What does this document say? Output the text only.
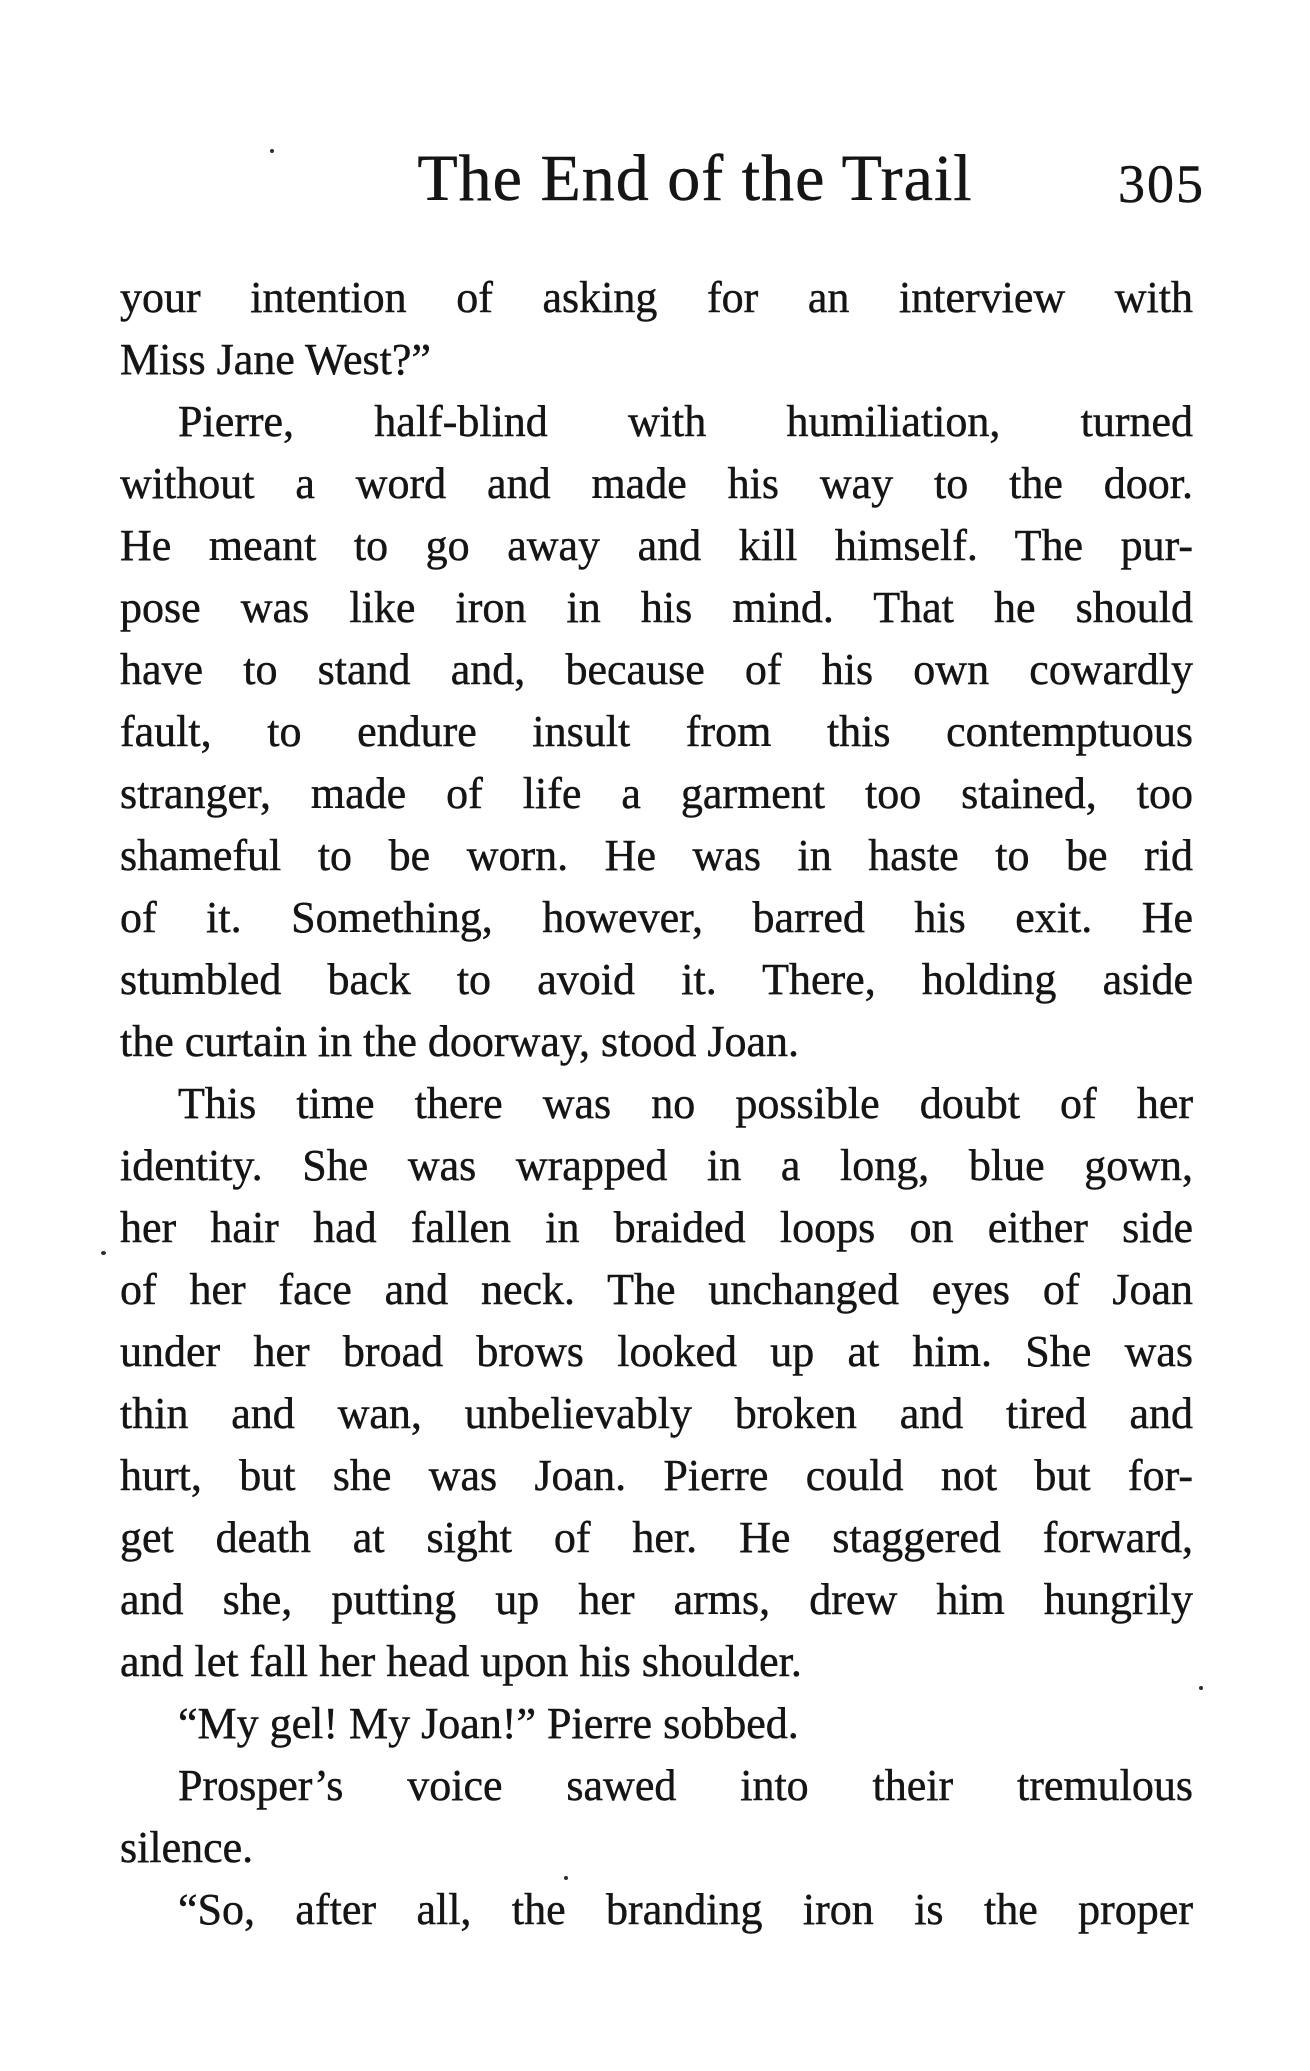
The End of the Trail	305
your intention of asking for an interview with
Miss Jane West?”
Pierre, half-blind with humiliation, turned
without a word and made his way to the door.
He meant to go away and kill himself. The pur-
pose was like iron in his mind. That he should
have to stand and, because of his own cowardly
fault, to endure insult from this contemptuous
stranger, made of life a garment too stained, too
shameful to be worn. He was in haste to be rid
of it. Something, however, barred his exit. He
stumbled back to avoid it. There, holding aside
the curtain in the doorway, stood Joan.
This time there was no possible doubt of her
identity. She was wrapped in a long, blue gown,
her hair had fallen in braided loops on either side
of her face and neck. The unchanged eyes of Joan
under her broad brows looked up at him. She was
thin and wan, unbelievably broken and tired and
hurt, but she was Joan. Pierre could not but for-
get death at sight of her. He staggered forward,
and she, putting up her arms, drew him hungrily
and let fall her head upon his shoulder.
“My gel! My Joan!” Pierre sobbed.
Prosper’s voice sawed into their tremulous
silence.
“So, after all, the branding iron is the proper
